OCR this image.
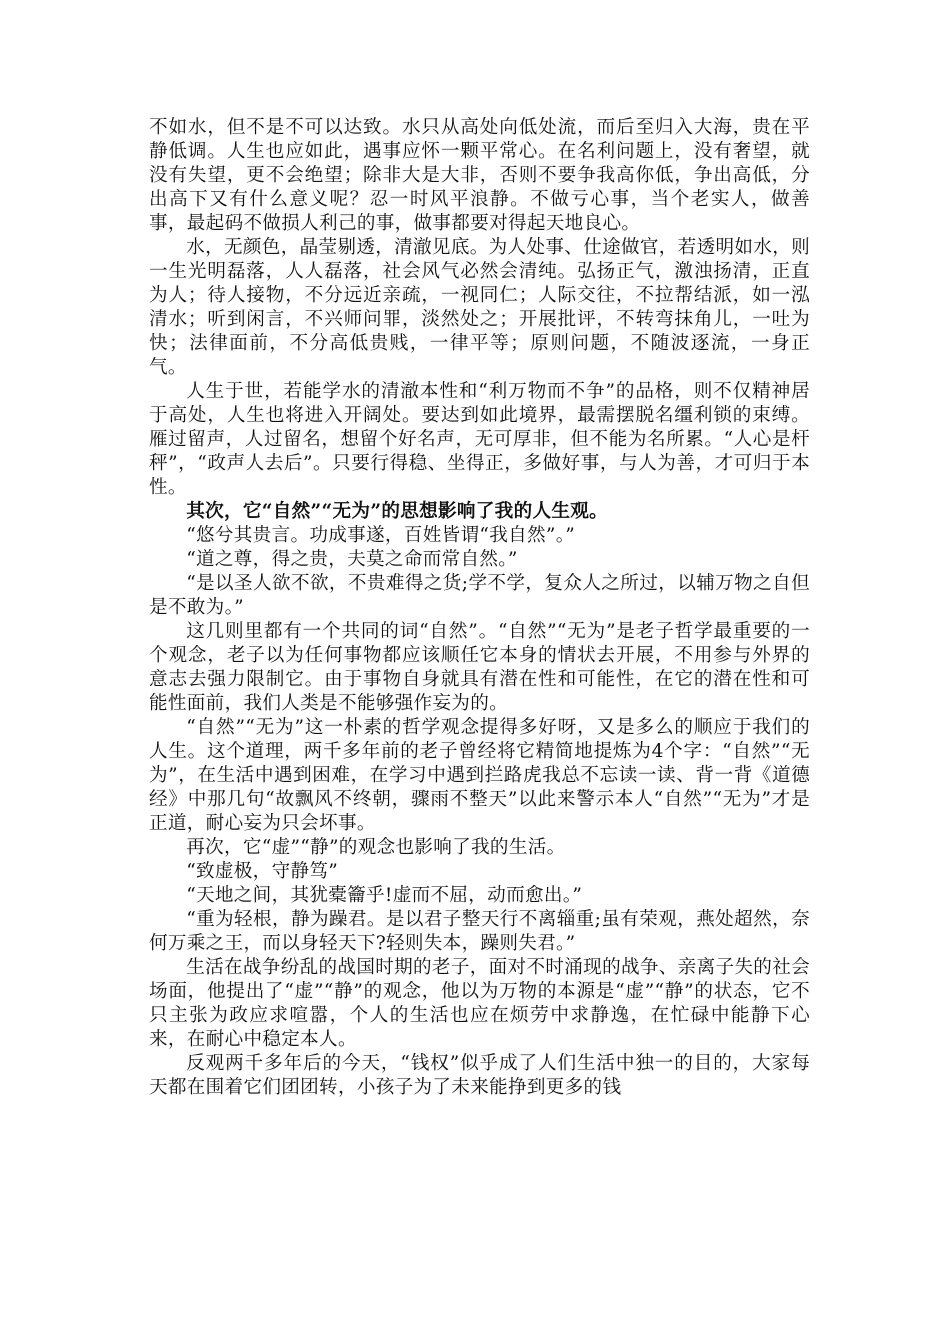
不如水，但不是不可以达致。水只从高处向低处流，而后至归入大海，贵在平静低调。人生也应如此，遇事应怀一颗平常心。在名利问题上，没有奢望，就没有失望，更不会绝望；除非大是大非，否则不要争我高你低，争出高低，分出高下又有什么意义呢？忍一时风平浪静。不做亏心事，当个老实人，做善事，最起码不做损人利己的事，做事都要对得起天地良心。

水，无颜色，晶莹剔透，清澈见底。为人处事、仕途做官，若透明如水，则一生光明磊落，人人磊落，社会风气必然会清纯。弘扬正气，激浊扬清，正直为人；待人接物，不分远近亲疏，一视同仁；人际交往，不拉帮结派，如一泓清水；听到闲言，不兴师问罪，淡然处之；开展批评，不转弯抹角儿，一吐为快；法律面前，不分高低贵贱，一律平等；原则问题，不随波逐流，一身正气。

人生于世，若能学水的清澈本性和“利万物而不争”的品格，则不仅精神居于高处，人生也将进入开阔处。要达到如此境界，最需摆脱名缰利锁的束缚。雁过留声，人过留名，想留个好名声，无可厚非，但不能为名所累。“人心是杆秤”，“政声人去后”。只要行得稳、坐得正，多做好事，与人为善，才可归于本性。

其次，它“自然”“无为”的思想影响了我的人生观。

“悠兮其贵言。功成事遂，百姓皆谓“我自然”。”

“道之尊，得之贵，夫莫之命而常自然。”

“是以圣人欲不欲，不贵难得之货;学不学，复众人之所过，以辅万物之自但是不敢为。”

这几则里都有一个共同的词“自然”。“自然”“无为”是老子哲学最重要的一个观念，老子以为任何事物都应该顺任它本身的情状去开展，不用参与外界的意志去强力限制它。由于事物自身就具有潜在性和可能性，在它的潜在性和可能性面前，我们人类是不能够强作妄为的。

“自然”“无为”这一朴素的哲学观念提得多好呀，又是多么的顺应于我们的人生。这个道理，两千多年前的老子曾经将它精简地提炼为4个字：“自然”“无为”，在生活中遇到困难，在学习中遇到拦路虎我总不忘读一读、背一背《道德经》中那几句“故飘风不终朝，骤雨不整天”以此来警示本人“自然”“无为”才是正道，耐心妄为只会坏事。

再次，它“虚”“静”的观念也影响了我的生活。

“致虚极，守静笃”

“天地之间，其犹橐籥乎!虚而不屈，动而愈出。”

“重为轻根，静为躁君。是以君子整天行不离辎重;虽有荣观，燕处超然，奈何万乘之王，而以身轻天下?轻则失本，躁则失君。”

生活在战争纷乱的战国时期的老子，面对不时涌现的战争、亲离子失的社会场面，他提出了“虚”“静”的观念，他以为万物的本源是“虚”“静”的状态，它不只主张为政应求喧嚣，个人的生活也应在烦劳中求静逸，在忙碌中能静下心来，在耐心中稳定本人。

反观两千多年后的今天，“钱权”似乎成了人们生活中独一的目的，大家每天都在围着它们团团转，小孩子为了未来能挣到更多的钱
